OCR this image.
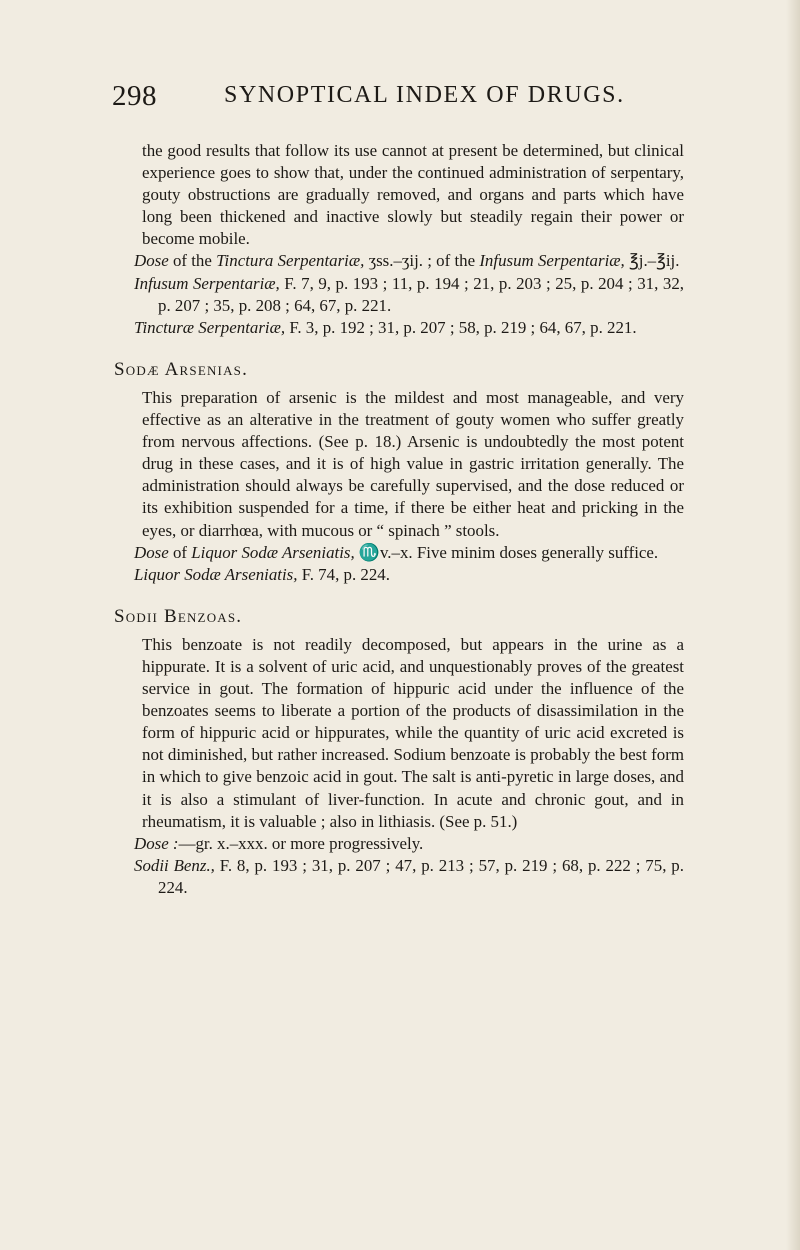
298	SYNOPTICAL INDEX OF DRUGS.

the good results that follow its use cannot at present be determined, but clinical experience goes to show that, under the continued administration of serpentary, gouty obstructions are gradually removed, and organs and parts which have long been thickened and inactive slowly but steadily regain their power or become mobile.

Dose of the Tinctura Serpentariæ, ʒss.–ʒij. ; of the Infusum Serpentariæ, ℥j.–℥ij.

Infusum Serpentariæ, F. 7, 9, p. 193 ; 11, p. 194 ; 21, p. 203 ; 25, p. 204 ; 31, 32, p. 207 ; 35, p. 208 ; 64, 67, p. 221.

Tincturæ Serpentariæ, F. 3, p. 192 ; 31, p. 207 ; 58, p. 219 ; 64, 67, p. 221.

Sodæ Arsenias.

This preparation of arsenic is the mildest and most manageable, and very effective as an alterative in the treatment of gouty women who suffer greatly from nervous affections. (See p. 18.) Arsenic is undoubtedly the most potent drug in these cases, and it is of high value in gastric irritation generally. The administration should always be carefully supervised, and the dose reduced or its exhibition suspended for a time, if there be either heat and pricking in the eyes, or diarrhœa, with mucous or “ spinach ” stools.

Dose of Liquor Sodæ Arseniatis, ♏v.–x. Five minim doses generally suffice.

Liquor Sodæ Arseniatis, F. 74, p. 224.

Sodii Benzoas.

This benzoate is not readily decomposed, but appears in the urine as a hippurate. It is a solvent of uric acid, and unquestionably proves of the greatest service in gout. The formation of hippuric acid under the influence of the benzoates seems to liberate a portion of the products of disassimilation in the form of hippuric acid or hippurates, while the quantity of uric acid excreted is not diminished, but rather increased. Sodium benzoate is probably the best form in which to give benzoic acid in gout. The salt is anti-pyretic in large doses, and it is also a stimulant of liver-function. In acute and chronic gout, and in rheumatism, it is valuable ; also in lithiasis. (See p. 51.)

Dose :—gr. x.–xxx. or more progressively.

Sodii Benz., F. 8, p. 193 ; 31, p. 207 ; 47, p. 213 ; 57, p. 219 ; 68, p. 222 ; 75, p. 224.
